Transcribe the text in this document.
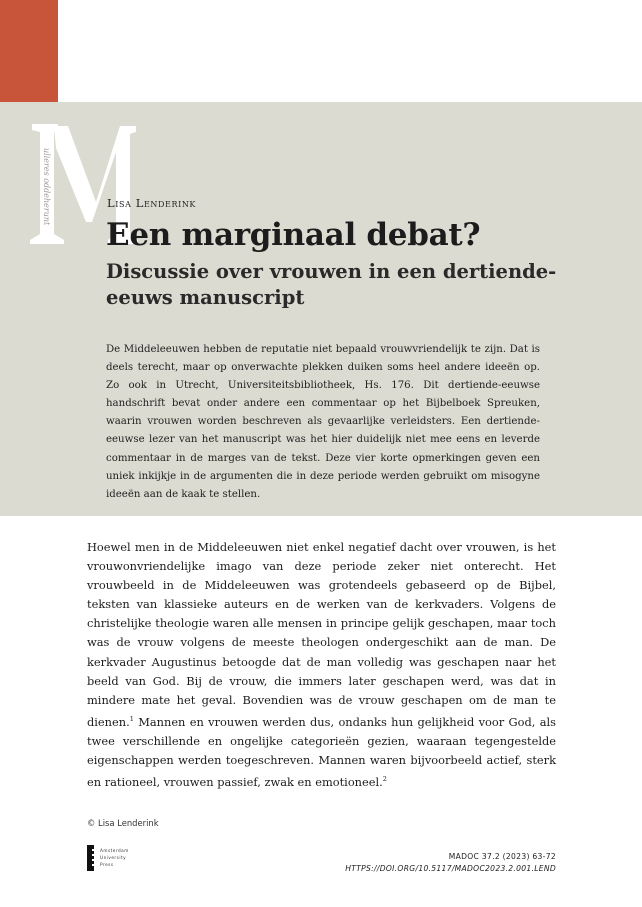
ulieres oddeherunt	Lisa Lenderink
Een marginaal debat?
Discussie over vrouwen in een dertiende-eeuws manuscript

De Middeleeuwen hebben de reputatie niet bepaald vrouwvriendelijk te zijn. Dat is deels terecht, maar op onverwachte plekken duiken soms heel andere ideeën op. Zo ook in Utrecht, Universiteitsbibliotheek, Hs. 176. Dit dertiende-eeuwse handschrift bevat onder andere een commentaar op het Bijbelboek Spreuken, waarin vrouwen worden beschreven als gevaarlijke verleidsters. Een dertiende-eeuwse lezer van het manuscript was het hier duidelijk niet mee eens en leverde commentaar in de marges van de tekst. Deze vier korte opmerkingen geven een uniek inkijkje in de argumenten die in deze periode werden gebruikt om misogyne ideeën aan de kaak te stellen.

Hoewel men in de Middeleeuwen niet enkel negatief dacht over vrouwen, is het vrouwonvriendelijke imago van deze periode zeker niet onterecht. Het vrouwbeeld in de Middeleeuwen was grotendeels gebaseerd op de Bijbel, teksten van klassieke auteurs en de werken van de kerkvaders. Volgens de christelijke theologie waren alle mensen in principe gelijk geschapen, maar toch was de vrouw volgens de meeste theologen ondergeschikt aan de man. De kerkvader Augustinus betoogde dat de man volledig was geschapen naar het beeld van God. Bij de vrouw, die immers later geschapen werd, was dat in mindere mate het geval. Bovendien was de vrouw geschapen om de man te dienen.$^1$ Mannen en vrouwen werden dus, ondanks hun gelijkheid voor God, als twee verschillende en ongelijke categorieën gezien, waaraan tegengestelde eigenschappen werden toegeschreven. Mannen waren bijvoorbeeld actief, sterk en rationeel, vrouwen passief, zwak en emotioneel.$^2$

© Lisa Lenderink
Amsterdam
University
Press
MADOC 37.2 (2023) 63-72
HTTPS://DOI.ORG/10.5117/MADOC2023.2.001.LEND
